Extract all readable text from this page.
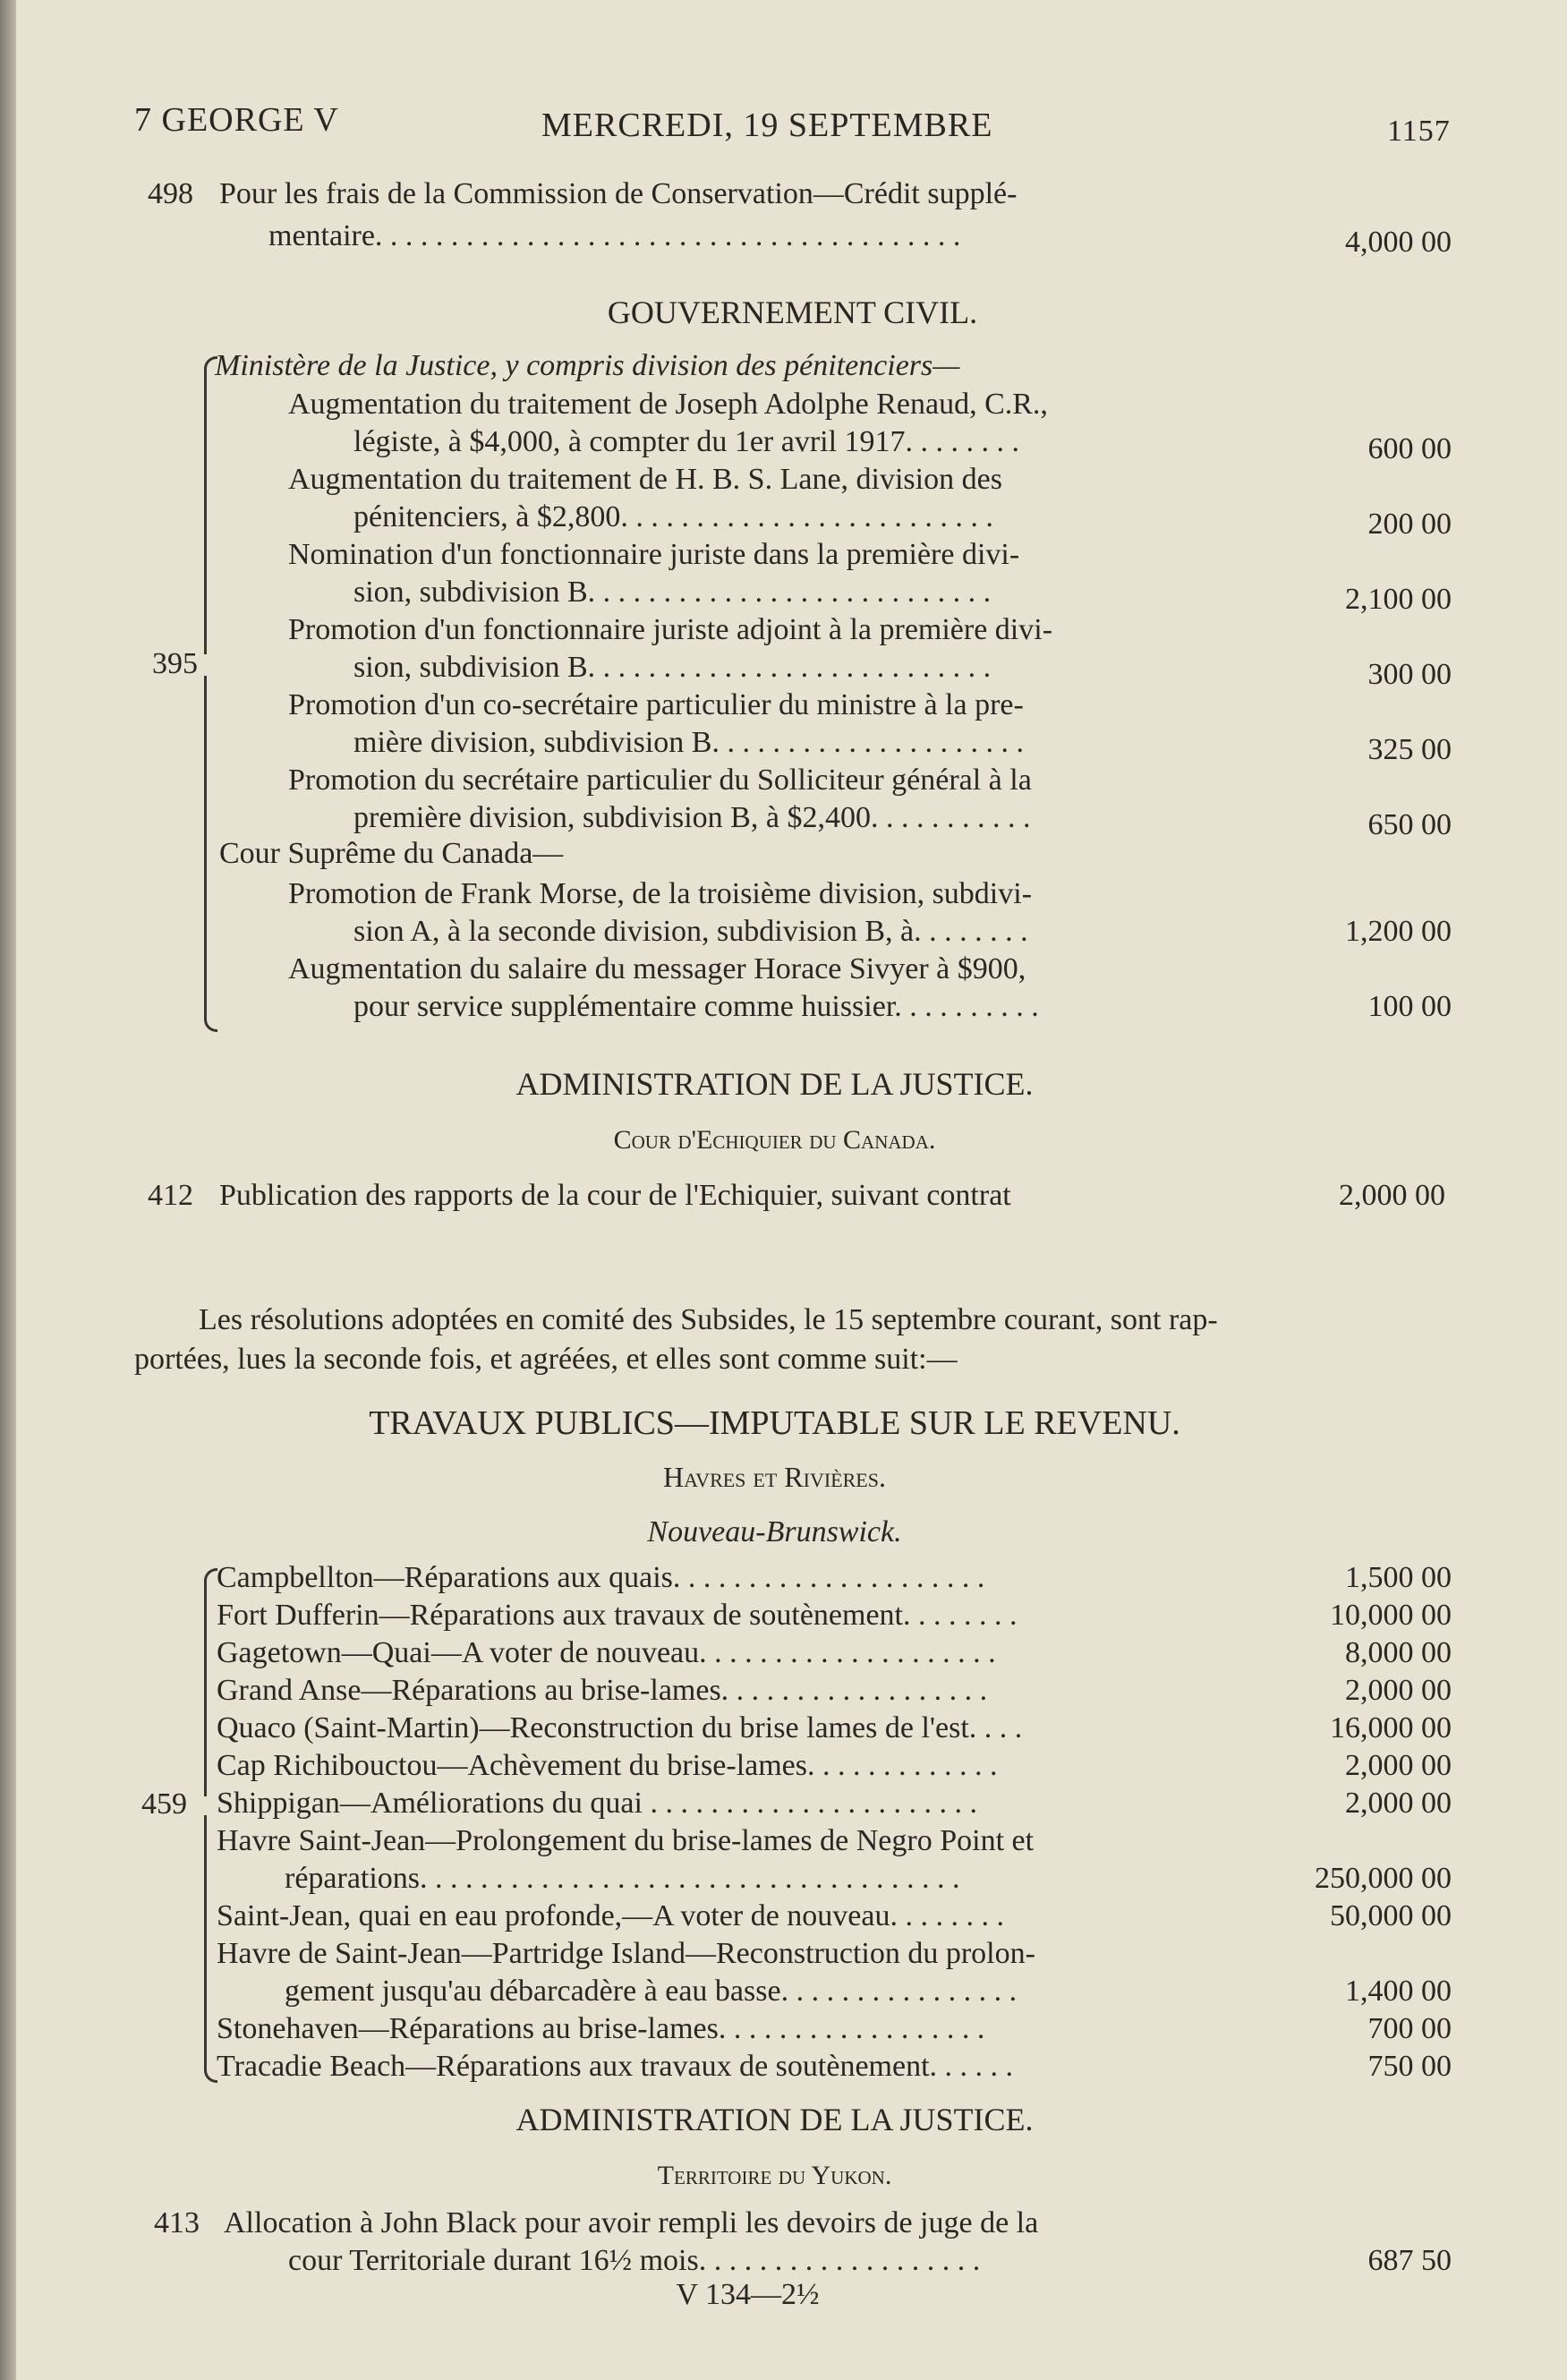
7 GEORGE V	MERCREDI, 19 SEPTEMBRE	1157
498 Pour les frais de la Commission de Conservation—Crédit supplé-
mentaire. . . . . . . . . . . . . . . . . . . . . . . . . . . . . . . . . . . . . . .	4,000 00
GOUVERNEMENT CIVIL.
395
Ministère de la Justice, y compris division des pénitenciers—
Cour Suprême du Canada—
ADMINISTRATION DE LA JUSTICE.
Cour d'Echiquier du Canada.
412 Publication des rapports de la cour de l'Echiquier, suivant contrat	2,000 00
Les résolutions adoptées en comité des Subsides, le 15 septembre courant, sont rap-
portées, lues la seconde fois, et agréées, et elles sont comme suit:—
TRAVAUX PUBLICS—IMPUTABLE SUR LE REVENU.
Havres et Rivières.
Nouveau-Brunswick.
459
ADMINISTRATION DE LA JUSTICE.
Territoire du Yukon.
413 Allocation à John Black pour avoir rempli les devoirs de juge de la
cour Territoriale durant 16½ mois. . . . . . . . . . . . . . . . . . .	687 50
V 134—2½
Augmentation du traitement de Joseph Adolphe Renaud, C.R.,
légiste, à $4,000, à compter du 1er avril 1917. . . . . . . .	600 00
Augmentation du traitement de H. B. S. Lane, division des
pénitenciers, à $2,800. . . . . . . . . . . . . . . . . . . . . . . . .	200 00
Nomination d'un fonctionnaire juriste dans la première divi-
sion, subdivision B. . . . . . . . . . . . . . . . . . . . . . . . . . .	2,100 00
Promotion d'un fonctionnaire juriste adjoint à la première divi-
sion, subdivision B. . . . . . . . . . . . . . . . . . . . . . . . . . .	300 00
Promotion d'un co-secrétaire particulier du ministre à la pre-
mière division, subdivision B. . . . . . . . . . . . . . . . . . . . .	325 00
Promotion du secrétaire particulier du Solliciteur général à la
première division, subdivision B, à $2,400. . . . . . . . . . .	650 00
Promotion de Frank Morse, de la troisième division, subdivi-
sion A, à la seconde division, subdivision B, à. . . . . . . .	1,200 00
Augmentation du salaire du messager Horace Sivyer à $900,
pour service supplémentaire comme huissier. . . . . . . . . .	100 00
Campbellton—Réparations aux quais. . . . . . . . . . . . . . . . . . . . .	1,500 00
Fort Dufferin—Réparations aux travaux de soutènement. . . . . . . .	10,000 00
Gagetown—Quai—A voter de nouveau. . . . . . . . . . . . . . . . . . . .	8,000 00
Grand Anse—Réparations au brise-lames. . . . . . . . . . . . . . . . . .	2,000 00
Quaco (Saint-Martin)—Reconstruction du brise lames de l'est. . . .	16,000 00
Cap Richibouctou—Achèvement du brise-lames. . . . . . . . . . . . .	2,000 00
Shippigan—Améliorations du quai . . . . . . . . . . . . . . . . . . . . . .	2,000 00
Havre Saint-Jean—Prolongement du brise-lames de Negro Point et
réparations. . . . . . . . . . . . . . . . . . . . . . . . . . . . . . . . . . . .	250,000 00
Saint-Jean, quai en eau profonde,—A voter de nouveau. . . . . . . .	50,000 00
Havre de Saint-Jean—Partridge Island—Reconstruction du prolon-
gement jusqu'au débarcadère à eau basse. . . . . . . . . . . . . . . .	1,400 00
Stonehaven—Réparations au brise-lames. . . . . . . . . . . . . . . . . .	700 00
Tracadie Beach—Réparations aux travaux de soutènement. . . . . .	750 00
